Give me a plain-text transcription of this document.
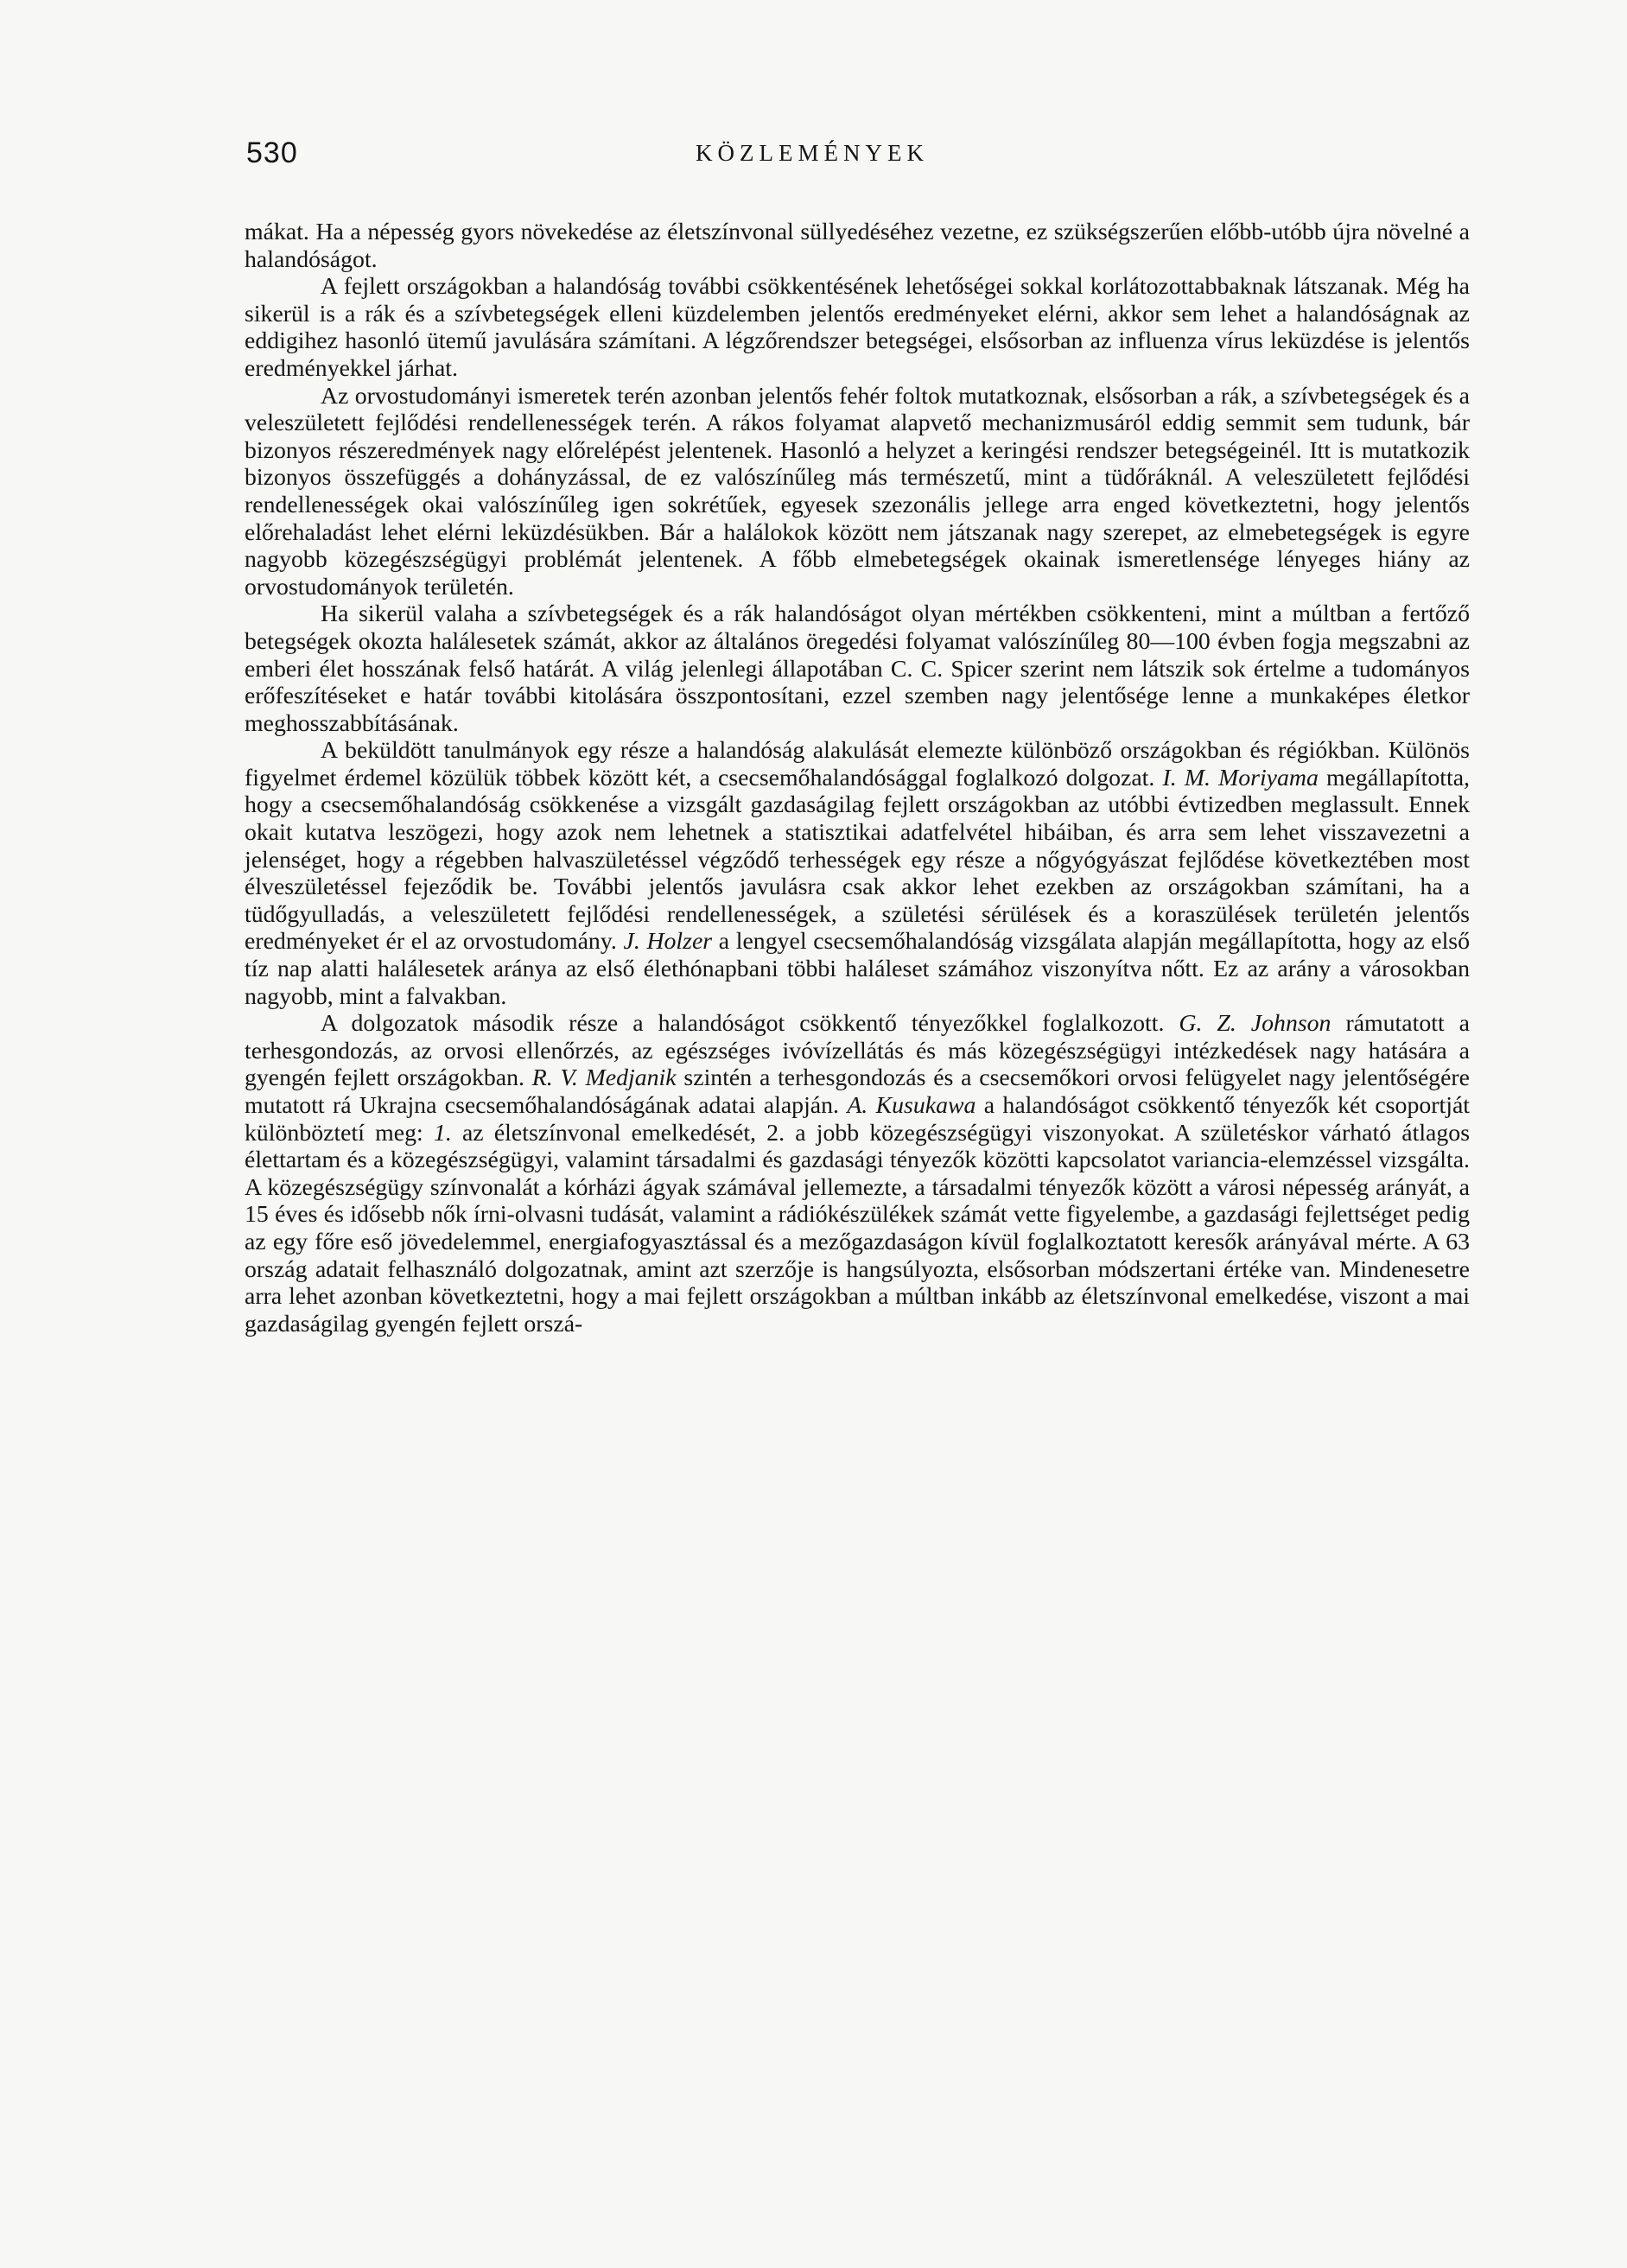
530	KÖZLEMÉNYEK

mákat. Ha a népesség gyors növekedése az életszínvonal süllyedéséhez vezetne, ez szükségszerűen előbb-utóbb újra növelné a halandóságot.

A fejlett országokban a halandóság további csökkentésének lehetőségei sokkal korlátozottabbaknak látszanak. Még ha sikerül is a rák és a szívbetegségek elleni küzdelemben jelentős eredményeket elérni, akkor sem lehet a halandóságnak az eddigihez hasonló ütemű javulására számítani. A légzőrendszer betegségei, elsősorban az influenza vírus leküzdése is jelentős eredményekkel járhat.

Az orvostudományi ismeretek terén azonban jelentős fehér foltok mutatkoznak, elsősorban a rák, a szívbetegségek és a veleszületett fejlődési rendellenességek terén. A rákos folyamat alapvető mechanizmusáról eddig semmit sem tudunk, bár bizonyos részeredmények nagy előrelépést jelentenek. Hasonló a helyzet a keringési rendszer betegségeinél. Itt is mutatkozik bizonyos összefüggés a dohányzással, de ez valószínűleg más természetű, mint a tüdőráknál. A veleszületett fejlődési rendellenességek okai valószínűleg igen sokrétűek, egyesek szezonális jellege arra enged következtetni, hogy jelentős előrehaladást lehet elérni leküzdésükben. Bár a halálokok között nem játszanak nagy szerepet, az elmebetegségek is egyre nagyobb közegészségügyi problémát jelentenek. A főbb elmebetegségek okainak ismeretlensége lényeges hiány az orvostudományok területén.

Ha sikerül valaha a szívbetegségek és a rák halandóságot olyan mértékben csökkenteni, mint a múltban a fertőző betegségek okozta halálesetek számát, akkor az általános öregedési folyamat valószínűleg 80—100 évben fogja megszabni az emberi élet hosszának felső határát. A világ jelenlegi állapotában C. C. Spicer szerint nem látszik sok értelme a tudományos erőfeszítéseket e határ további kitolására összpontosítani, ezzel szemben nagy jelentősége lenne a munkaképes életkor meghosszabbításának.

A beküldött tanulmányok egy része a halandóság alakulását elemezte különböző országokban és régiókban. Különös figyelmet érdemel közülük többek között két, a csecsemőhalandósággal foglalkozó dolgozat. I. M. Moriyama megállapította, hogy a csecsemőhalandóság csökkenése a vizsgált gazdaságilag fejlett országokban az utóbbi évtizedben meglassult. Ennek okait kutatva leszögezi, hogy azok nem lehetnek a statisztikai adatfelvétel hibáiban, és arra sem lehet visszavezetni a jelenséget, hogy a régebben halvaszületéssel végződő terhességek egy része a nőgyógyászat fejlődése következtében most élveszületéssel fejeződik be. További jelentős javulásra csak akkor lehet ezekben az országokban számítani, ha a tüdőgyulladás, a veleszületett fejlődési rendellenességek, a születési sérülések és a koraszülések területén jelentős eredményeket ér el az orvostudomány. J. Holzer a lengyel csecsemőhalandóság vizsgálata alapján megállapította, hogy az első tíz nap alatti halálesetek aránya az első élethónapbani többi haláleset számához viszonyítva nőtt. Ez az arány a városokban nagyobb, mint a falvakban.

A dolgozatok második része a halandóságot csökkentő tényezőkkel foglalkozott. G. Z. Johnson rámutatott a terhesgondozás, az orvosi ellenőrzés, az egészséges ivóvízellátás és más közegészségügyi intézkedések nagy hatására a gyengén fejlett országokban. R. V. Medjanik szintén a terhesgondozás és a csecsemőkori orvosi felügyelet nagy jelentőségére mutatott rá Ukrajna csecsemőhalandóságának adatai alapján. A. Kusukawa a halandóságot csökkentő tényezők két csoportját különböztetí meg: 1. az életszínvonal emelkedését, 2. a jobb közegészségügyi viszonyokat. A születéskor várható átlagos élettartam és a közegészségügyi, valamint társadalmi és gazdasági tényezők közötti kapcsolatot variancia-elemzéssel vizsgálta. A közegészségügy színvonalát a kórházi ágyak számával jellemezte, a társadalmi tényezők között a városi népesség arányát, a 15 éves és idősebb nők írni-olvasni tudását, valamint a rádiókészülékek számát vette figyelembe, a gazdasági fejlettséget pedig az egy főre eső jövedelemmel, energiafogyasztással és a mezőgazdaságon kívül foglalkoztatott keresők arányával mérte. A 63 ország adatait felhasználó dolgozatnak, amint azt szerzője is hangsúlyozta, elsősorban módszertani értéke van. Mindenesetre arra lehet azonban következtetni, hogy a mai fejlett országokban a múltban inkább az életszínvonal emelkedése, viszont a mai gazdaságilag gyengén fejlett orszá-
